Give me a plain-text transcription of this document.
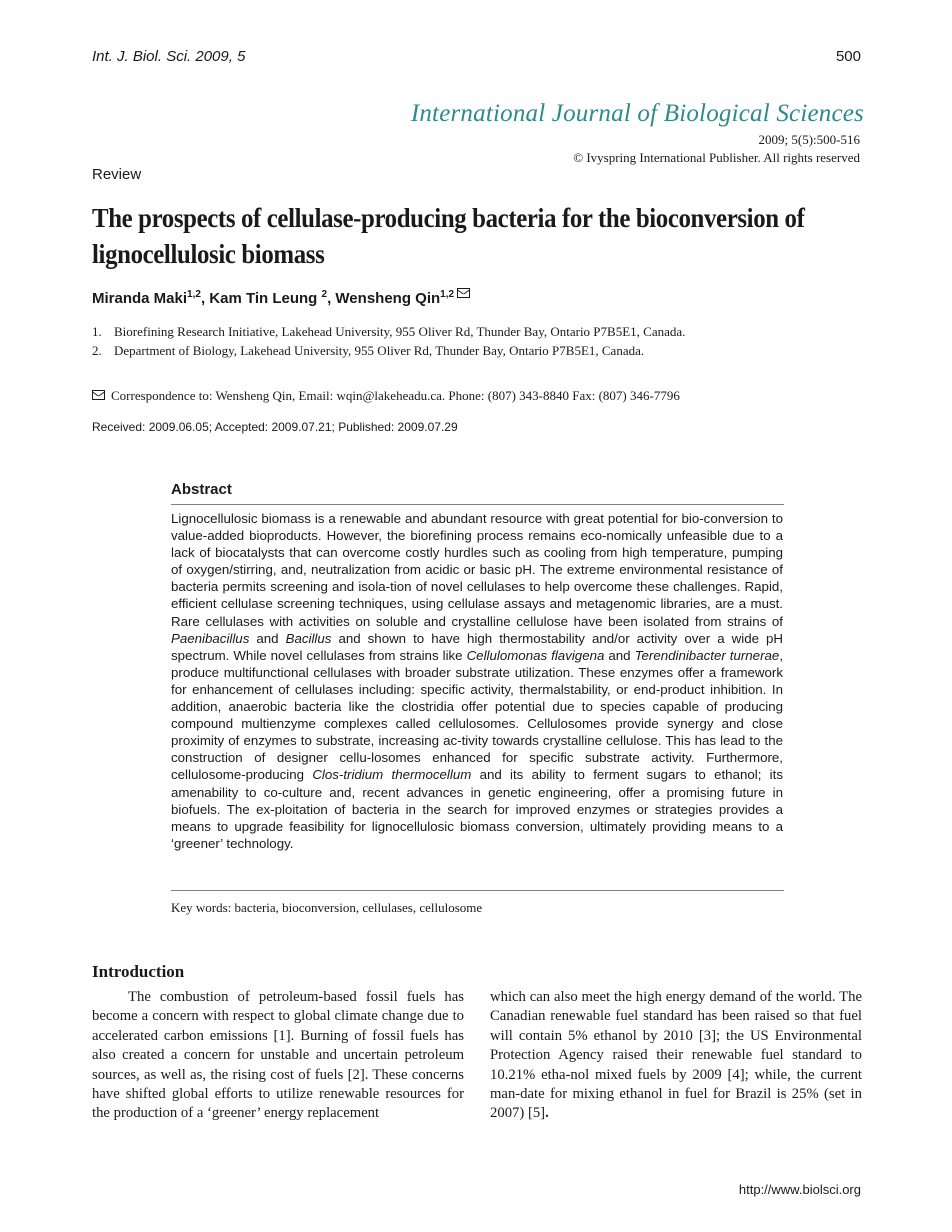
Int. J. Biol. Sci. 2009, 5	500
International Journal of Biological Sciences
2009; 5(5):500-516
© Ivyspring International Publisher. All rights reserved
Review
The prospects of cellulase-producing bacteria for the bioconversion of lignocellulosic biomass
Miranda Maki$^{1,2}$, Kam Tin Leung $^2$, Wensheng Qin$^{1,2}$
1. Biorefining Research Initiative, Lakehead University, 955 Oliver Rd, Thunder Bay, Ontario P7B5E1, Canada.
2. Department of Biology, Lakehead University, 955 Oliver Rd, Thunder Bay, Ontario P7B5E1, Canada.
Correspondence to: Wensheng Qin, Email: wqin@lakeheadu.ca. Phone: (807) 343-8840 Fax: (807) 346-7796
Received: 2009.06.05; Accepted: 2009.07.21; Published: 2009.07.29
Abstract
Lignocellulosic biomass is a renewable and abundant resource with great potential for bio-conversion to value-added bioproducts. However, the biorefining process remains eco-nomically unfeasible due to a lack of biocatalysts that can overcome costly hurdles such as cooling from high temperature, pumping of oxygen/stirring, and, neutralization from acidic or basic pH. The extreme environmental resistance of bacteria permits screening and isola-tion of novel cellulases to help overcome these challenges. Rapid, efficient cellulase screening techniques, using cellulase assays and metagenomic libraries, are a must. Rare cellulases with activities on soluble and crystalline cellulose have been isolated from strains of Paenibacillus and Bacillus and shown to have high thermostability and/or activity over a wide pH spectrum. While novel cellulases from strains like Cellulomonas flavigena and Terendinibacter turnerae, produce multifunctional cellulases with broader substrate utilization. These enzymes offer a framework for enhancement of cellulases including: specific activity, thermalstability, or end-product inhibition. In addition, anaerobic bacteria like the clostridia offer potential due to species capable of producing compound multienzyme complexes called cellulosomes. Cellulosomes provide synergy and close proximity of enzymes to substrate, increasing ac-tivity towards crystalline cellulose. This has lead to the construction of designer cellu-losomes enhanced for specific substrate activity. Furthermore, cellulosome-producing Clos-tridium thermocellum and its ability to ferment sugars to ethanol; its amenability to co-culture and, recent advances in genetic engineering, offer a promising future in biofuels. The ex-ploitation of bacteria in the search for improved enzymes or strategies provides a means to upgrade feasibility for lignocellulosic biomass conversion, ultimately providing means to a ‘greener’ technology.
Key words: bacteria, bioconversion, cellulases, cellulosome
Introduction
The combustion of petroleum-based fossil fuels has become a concern with respect to global climate change due to accelerated carbon emissions [1]. Burning of fossil fuels has also created a concern for unstable and uncertain petroleum sources, as well as, the rising cost of fuels [2]. These concerns have shifted global efforts to utilize renewable resources for the production of a ‘greener’ energy replacement
which can also meet the high energy demand of the world. The Canadian renewable fuel standard has been raised so that fuel will contain 5% ethanol by 2010 [3]; the US Environmental Protection Agency raised their renewable fuel standard to 10.21% etha-nol mixed fuels by 2009 [4]; while, the current man-date for mixing ethanol in fuel for Brazil is 25% (set in 2007) [5].
http://www.biolsci.org
